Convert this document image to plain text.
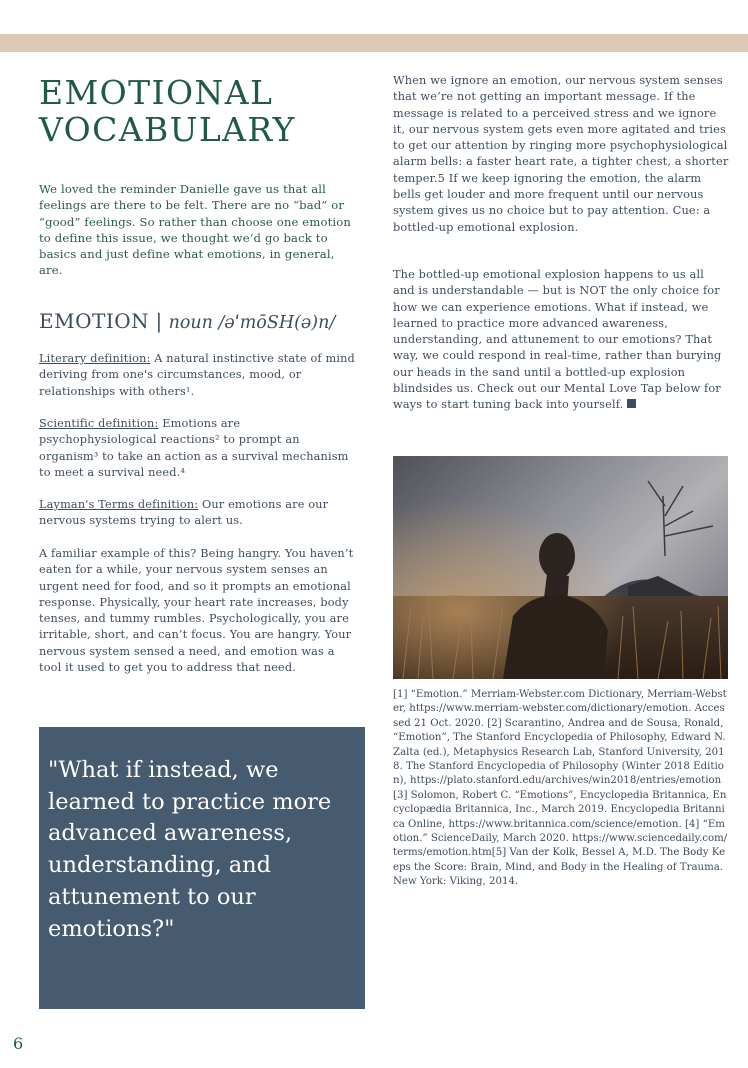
EMOTIONAL VOCABULARY

We loved the reminder Danielle gave us that all feelings are there to be felt. There are no “bad” or “good” feelings. So rather than choose one emotion to define this issue, we thought we’d go back to basics and just define what emotions, in general, are.

EMOTION | noun /əˈmōSH(ə)n/

Literary definition: A natural instinctive state of mind deriving from one's circumstances, mood, or relationships with others¹.

Scientific definition: Emotions are psychophysiological reactions² to prompt an organism³ to take an action as a survival mechanism to meet a survival need.⁴

Layman's Terms definition: Our emotions are our nervous systems trying to alert us.

A familiar example of this? Being hangry. You haven’t eaten for a while, your nervous system senses an urgent need for food, and so it prompts an emotional response. Physically, your heart rate increases, body tenses, and tummy rumbles. Psychologically, you are irritable, short, and can’t focus. You are hangry. Your nervous system sensed a need, and emotion was a tool it used to get you to address that need.

"What if instead, we learned to practice more advanced awareness, understanding, and attunement to our emotions?"

When we ignore an emotion, our nervous system senses that we’re not getting an important message. If the message is related to a perceived stress and we ignore it, our nervous system gets even more agitated and tries to get our attention by ringing more psychophysiological alarm bells: a faster heart rate, a tighter chest, a shorter temper.5 If we keep ignoring the emotion, the alarm bells get louder and more frequent until our nervous system gives us no choice but to pay attention. Cue: a bottled-up emotional explosion.

The bottled-up emotional explosion happens to us all and is understandable — but is NOT the only choice for how we can experience emotions. What if instead, we learned to practice more advanced awareness, understanding, and attunement to our emotions? That way, we could respond in real-time, rather than burying our heads in the sand until a bottled-up explosion blindsides us. Check out our Mental Love Tap below for ways to start tuning back into yourself.

[1] “Emotion.” Merriam-Webster.com Dictionary, Merriam-Webster, https://www.merriam-webster.com/dictionary/emotion. Accessed 21 Oct. 2020. [2] Scarantino, Andrea and de Sousa, Ronald, “Emotion”, The Stanford Encyclopedia of Philosophy, Edward N. Zalta (ed.), Metaphysics Research Lab, Stanford University, 2018. The Stanford Encyclopedia of Philosophy (Winter 2018 Edition), https://plato.stanford.edu/archives/win2018/entries/emotion [3] Solomon, Robert C. “Emotions”, Encyclopedia Britannica, Encyclopædia Britannica, Inc., March 2019. Encyclopedia Britannica Online, https://www.britannica.com/science/emotion. [4] “Emotion.” ScienceDaily, March 2020. https://www.sciencedaily.com/terms/emotion.htm[5] Van der Kolk, Bessel A, M.D. The Body Keeps the Score: Brain, Mind, and Body in the Healing of Trauma. New York: Viking, 2014.

6
